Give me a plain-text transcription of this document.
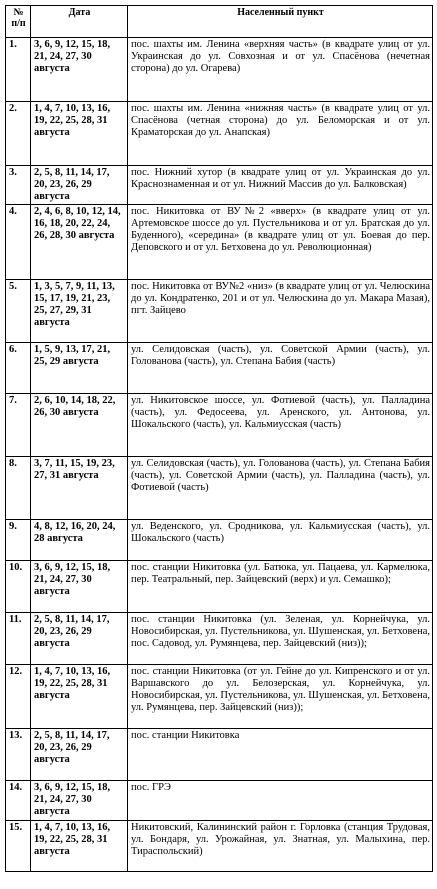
№ п/п	Дата	Населенный пункт
1.	3, 6, 9, 12, 15, 18, 21, 24, 27, 30 августа	пос. шахты им. Ленина «верхняя часть» (в квадрате улиц от ул. Украинская до ул. Совхозная и от ул. Спасёнова (нечетная сторона) до ул. Огарева)
2.	1, 4, 7, 10, 13, 16, 19, 22, 25, 28, 31 августа	пос. шахты им. Ленина «нижняя часть» (в квадрате улиц от ул. Спасёнова (четная сторона) до ул. Беломорская и от ул. Краматорская до ул. Анапская)
3.	2, 5, 8, 11, 14, 17, 20, 23, 26, 29 августа	пос. Нижний хутор (в квадрате улиц от ул. Украинская до ул. Краснознаменная и от ул. Нижний Массив до ул. Балковская)
4.	2, 4, 6, 8, 10, 12, 14, 16, 18, 20, 22, 24, 26, 28, 30 августа	пос. Никитовка от ВУ№2 «вверх» (в квадрате улиц от ул. Артемовское шоссе до ул. Пустельникова и от ул. Братская до ул. Буденного), «середина» (в квадрате улиц от ул. Боевая до пер. Деповского и от ул. Бетховена до ул. Революционная)
5.	1, 3, 5, 7, 9, 11, 13, 15, 17, 19, 21, 23, 25, 27, 29, 31 августа	пос. Никитовка от ВУ№2 «низ» (в квадрате улиц от ул. Челюскина до ул. Кондратенко, 201 и от ул. Челюскина до ул. Макара Мазая), пгт. Зайцево
6.	1, 5, 9, 13, 17, 21, 25, 29 августа	ул. Селидовская (часть), ул. Советской Армии (часть), ул. Голованова (часть), ул. Степана Бабия (часть)
7.	2, 6, 10, 14, 18, 22, 26, 30 августа	ул. Никитовское шоссе, ул. Фотиевой (часть), ул. Палладина (часть), ул. Федосеева, ул. Аренского, ул. Антонова, ул. Шокальского (часть), ул. Кальмиусская (часть)
8.	3, 7, 11, 15, 19, 23, 27, 31 августа	ул. Селидовская (часть), ул. Голованова (часть), ул. Степана Бабия (часть), ул. Советской Армии (часть), ул. Палладина (часть), ул. Фотиевой (часть)
9.	4, 8, 12, 16, 20, 24, 28 августа	ул. Веденского, ул. Сродникова, ул. Кальмиусская (часть), ул. Шокальского (часть)
10.	3, 6, 9, 12, 15, 18, 21, 24, 27, 30 августа	пос. станции Никитовка (ул. Батюка, ул. Пацаева, ул. Кармелюка, пер. Театральный, пер. Зайцевский (верх) и ул. Семашко);
11.	2, 5, 8, 11, 14, 17, 20, 23, 26, 29 августа	пос. станции Никитовка (ул. Зеленая, ул. Корнейчука, ул. Новосибирская, ул. Пустельникова, ул. Шушенская, ул. Бетховена, пос. Садовод, ул. Румянцева, пер. Зайцевский (низ));
12.	1, 4, 7, 10, 13, 16, 19, 22, 25, 28, 31 августа	пос. станции Никитовка (от ул. Гейне до ул. Кипренского и от ул. Варшавского до ул. Белозерская, ул. Корнейчука, ул. Новосибирская, ул. Пустельникова, ул. Шушенская, ул. Бетховена, ул. Румянцева, пер. Зайцевский (низ));
13.	2, 5, 8, 11, 14, 17, 20, 23, 26, 29 августа	пос. станции Никитовка
14.	3, 6, 9, 12, 15, 18, 21, 24, 27, 30 августа	пос. ГРЭ
15.	1, 4, 7, 10, 13, 16, 19, 22, 25, 28, 31 августа	Никитовский, Калининский район г. Горловка (станция Трудовая, ул. Бондаря, ул. Урожайная, ул. Знатная, ул. Малыхина, пер. Тираспольский)
